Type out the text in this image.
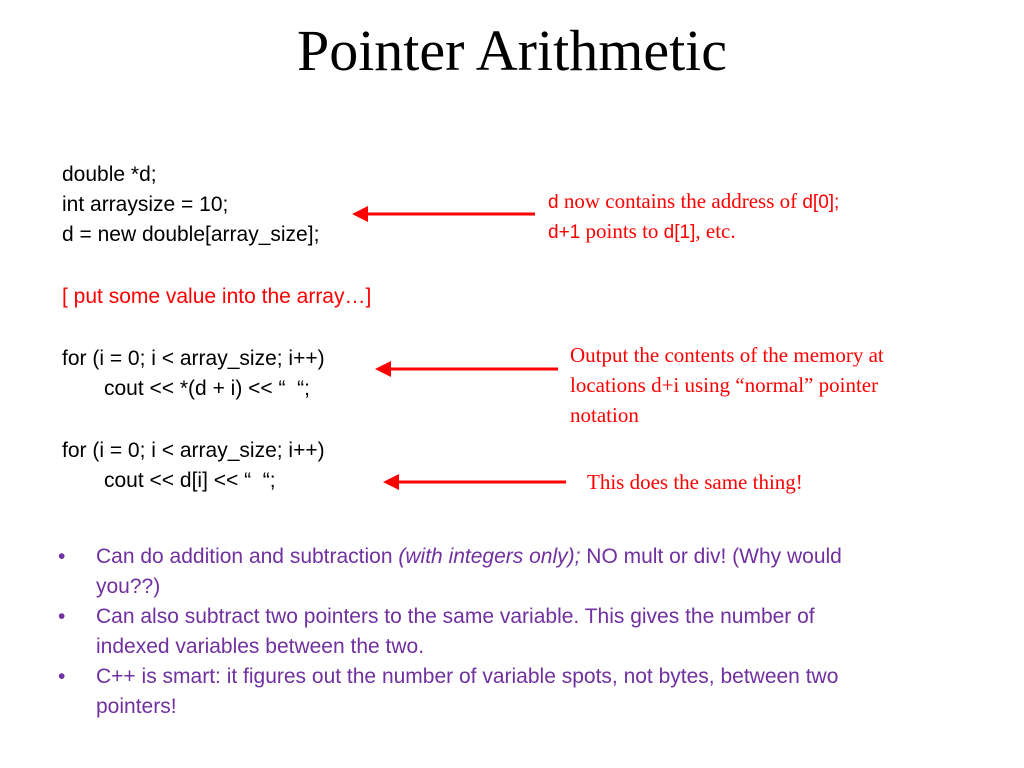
Pointer Arithmetic
double *d;
int arraysize = 10;
d = new double[array_size];
[ put some value into the array…]
for (i = 0; i < array_size; i++)
cout << *(d + i) << “  “;
for (i = 0; i < array_size; i++)
cout << d[i] << “  “;
d now contains the address of d[0];
d+1 points to d[1], etc.
Output the contents of the memory at
locations d+i using “normal” pointer
notation
This does the same thing!
•	Can do addition and subtraction (with integers only); NO mult or div! (Why would
you??)
•	Can also subtract two pointers to the same variable. This gives the number of
indexed variables between the two.
•	C++ is smart: it figures out the number of variable spots, not bytes, between two
pointers!
